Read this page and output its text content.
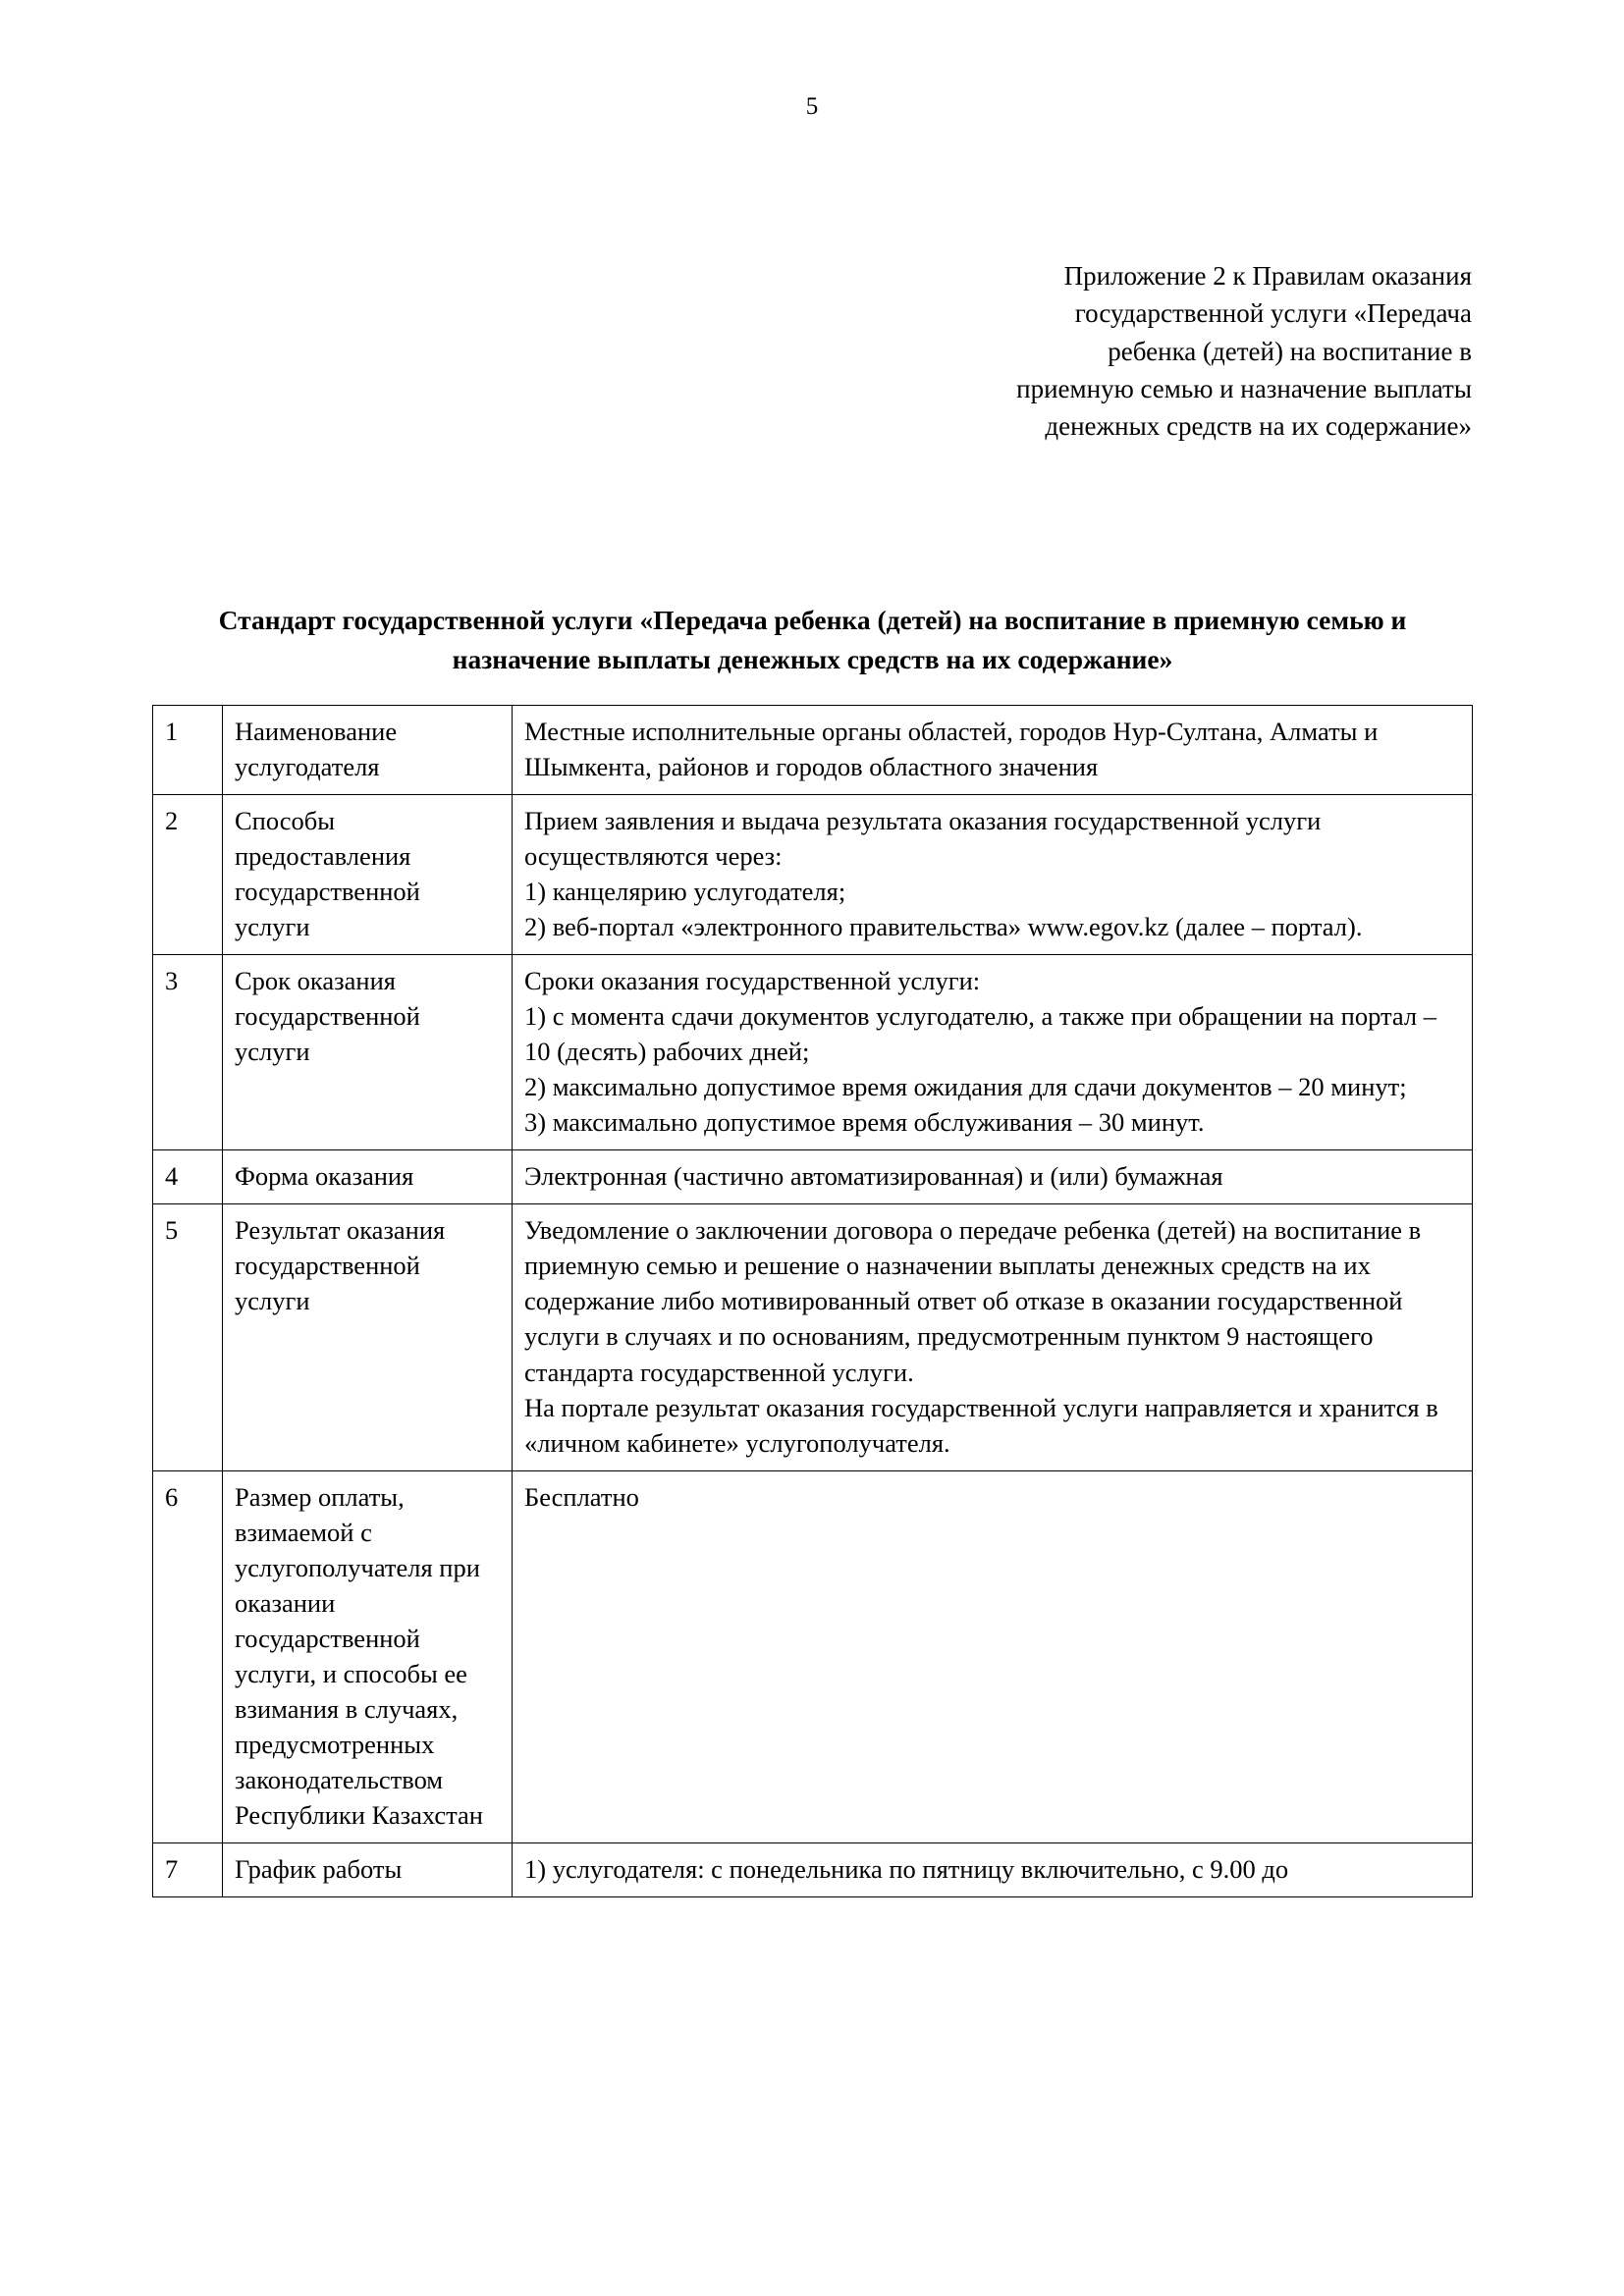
5
Приложение 2 к Правилам оказания государственной услуги «Передача ребенка (детей) на воспитание в приемную семью и назначение выплаты денежных средств на их содержание»
Стандарт государственной услуги «Передача ребенка (детей) на воспитание в приемную семью и назначение выплаты денежных средств на их содержание»
1	Наименование услугодателя	Местные исполнительные органы областей, городов Нур-Султана, Алматы и Шымкента, районов и городов областного значения
2	Способы предоставления государственной услуги	Прием заявления и выдача результата оказания государственной услуги осуществляются через:

1) канцелярию услугодателя;

2) веб-портал «электронного правительства» www.egov.kz (далее – портал).

3	Срок оказания государственной услуги	Сроки оказания государственной услуги:

1) с момента сдачи документов услугодателю, а также при обращении на портал – 10 (десять) рабочих дней;

2) максимально допустимое время ожидания для сдачи документов – 20 минут;

3) максимально допустимое время обслуживания – 30 минут.

4	Форма оказания	Электронная (частично автоматизированная) и (или) бумажная
5	Результат оказания государственной услуги	Уведомление о заключении договора о передаче ребенка (детей) на воспитание в приемную семью и решение о назначении выплаты денежных средств на их содержание либо мотивированный ответ об отказе в оказании государственной услуги в случаях и по основаниям, предусмотренным пунктом 9 настоящего стандарта государственной услуги.

На портале результат оказания государственной услуги направляется и хранится в «личном кабинете» услугополучателя.

6	Размер оплаты, взимаемой с услугополучателя при оказании государственной услуги, и способы ее взимания в случаях, предусмотренных законодательством Республики Казахстан	Бесплатно
7	График работы	1) услугодателя: с понедельника по пятницу включительно, с 9.00 до
